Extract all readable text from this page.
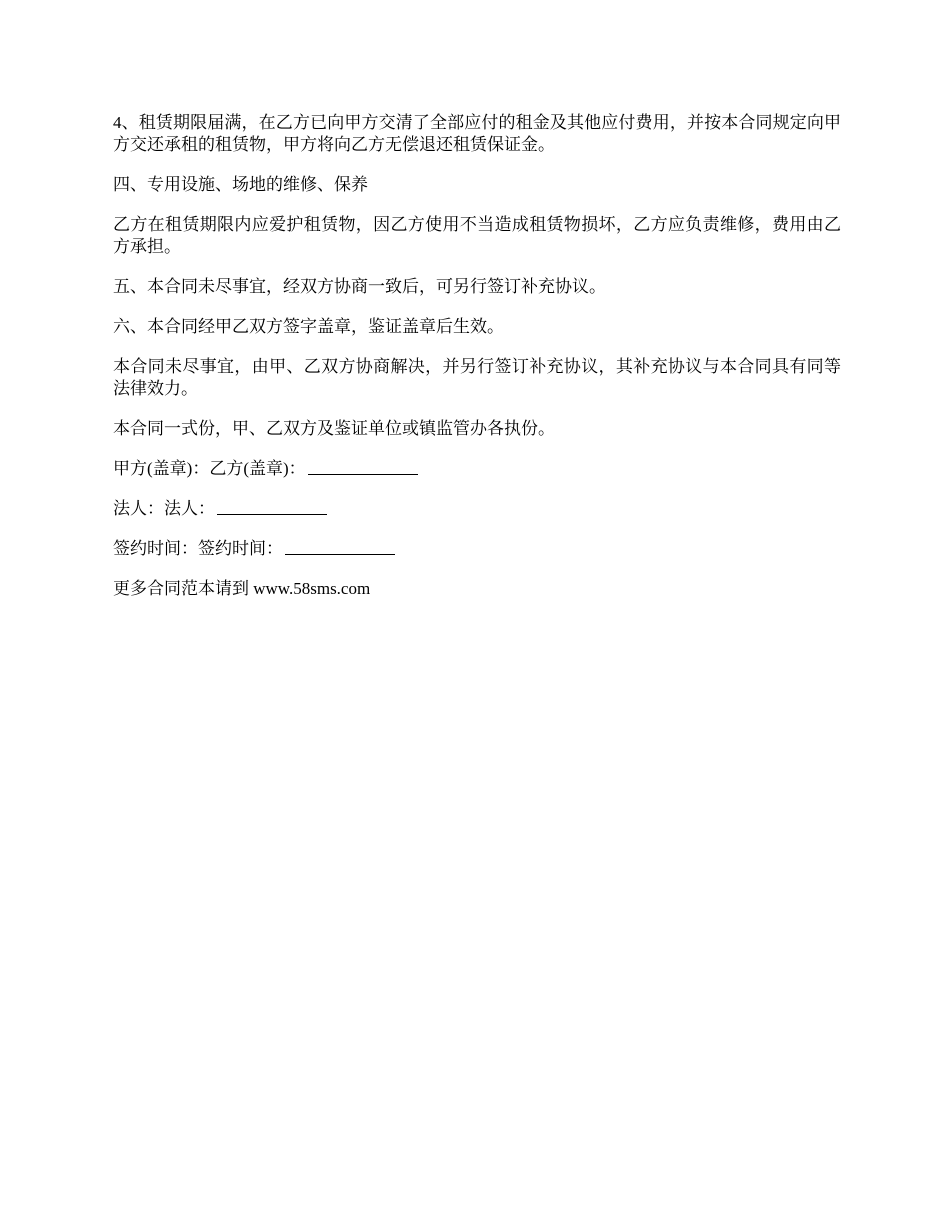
4、租赁期限届满，在乙方已向甲方交清了全部应付的租金及其他应付费用，并按本合同规定向甲方交还承租的租赁物，甲方将向乙方无偿退还租赁保证金。

四、专用设施、场地的维修、保养

乙方在租赁期限内应爱护租赁物，因乙方使用不当造成租赁物损坏，乙方应负责维修，费用由乙方承担。

五、本合同未尽事宜，经双方协商一致后，可另行签订补充协议。

六、本合同经甲乙双方签字盖章，鉴证盖章后生效。

本合同未尽事宜，由甲、乙双方协商解决，并另行签订补充协议，其补充协议与本合同具有同等法律效力。

本合同一式份，甲、乙双方及鉴证单位或镇监管办各执份。

甲方(盖章)：乙方(盖章)：

法人：法人：

签约时间：签约时间：

更多合同范本请到 www.58sms.com
